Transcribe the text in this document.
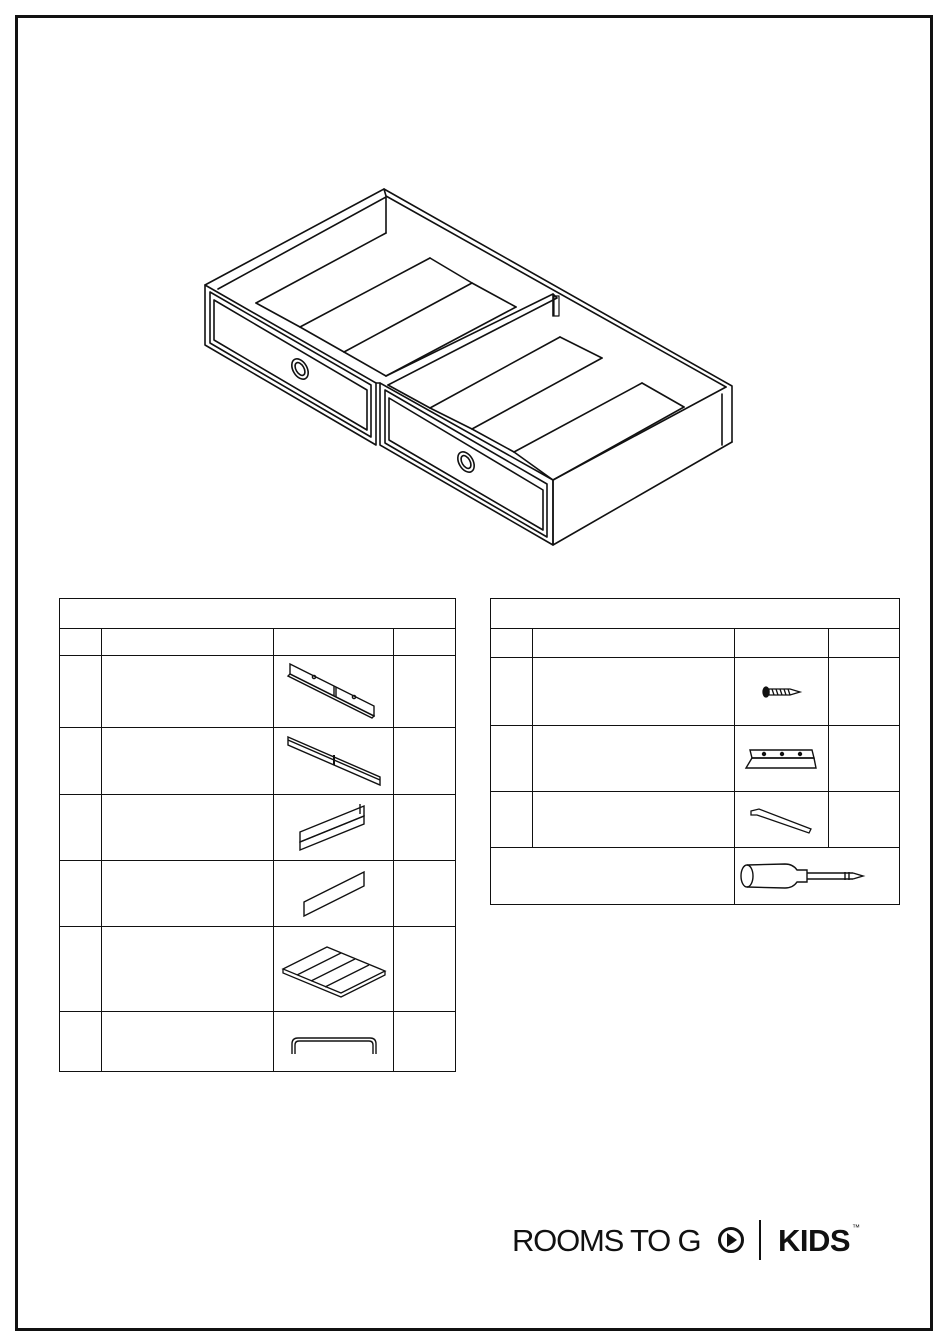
ROOMS TO G	KIDS ™
